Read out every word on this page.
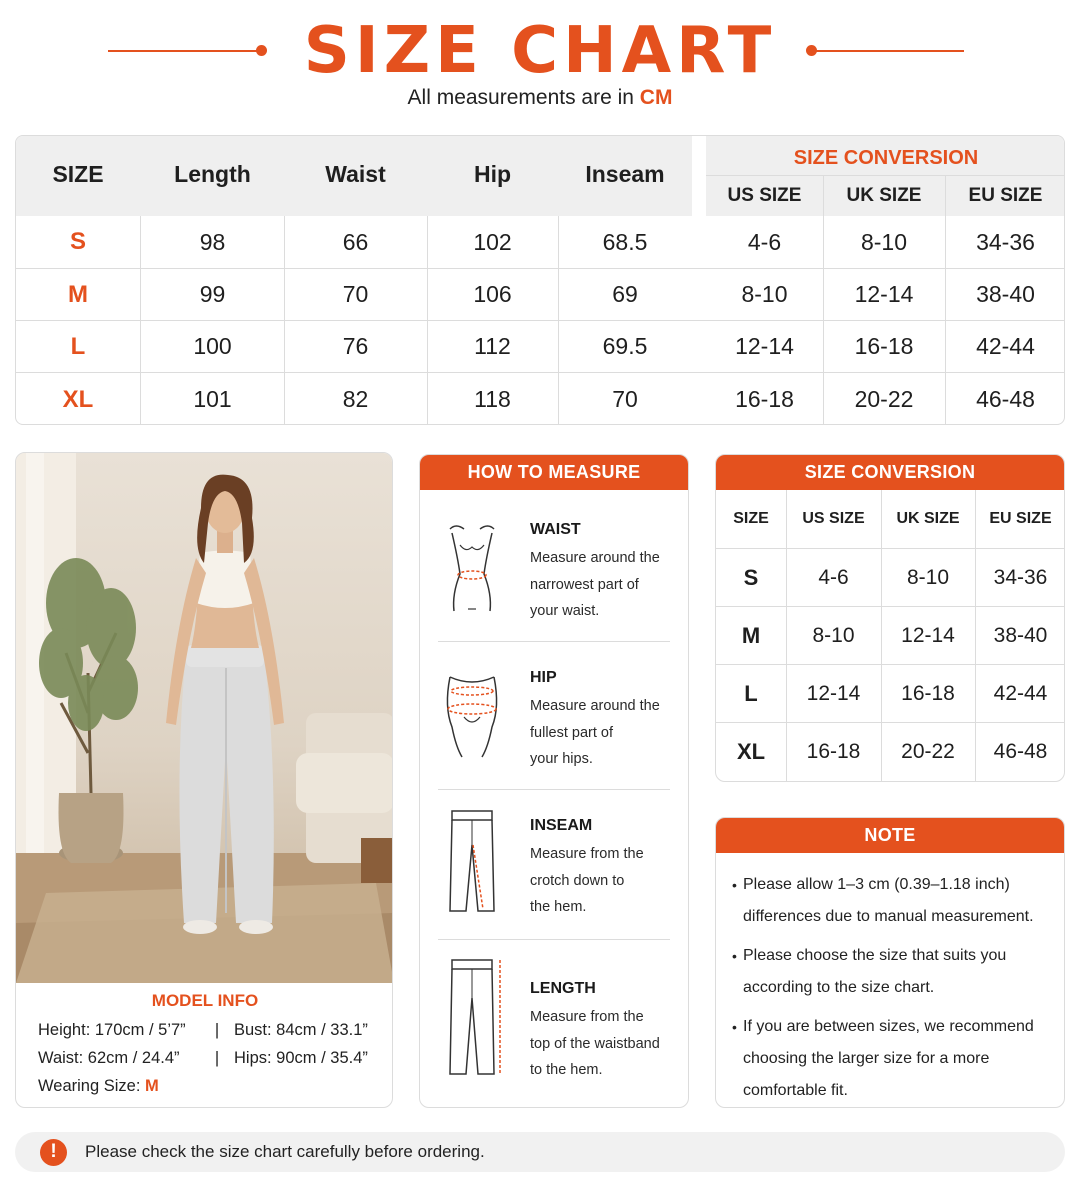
SIZE CHART
All measurements are in CM
SIZE	Length	Waist	Hip	Inseam
SIZE CONVERSION
US SIZE	UK SIZE	EU SIZE
S	98	66	102	68.5	4-6	8-10	34-36
M	99	70	106	69	8-10	12-14	38-40
L	100	76	112	69.5	12-14	16-18	42-44
XL	101	82	118	70	16-18	20-22	46-48
MODEL INFO
Height: 170cm / 5’7”	| Bust: 84cm / 33.1”
Waist: 62cm / 24.4”	| Hips: 90cm / 35.4”
Wearing Size: M
HOW TO MEASURE
WAIST
Measure around the
narrowest part of
your waist.
HIP
Measure around the
fullest part of
your hips.
INSEAM
Measure from the
crotch down to
the hem.
LENGTH
Measure from the
top of the waistband
to the hem.
SIZE CONVERSION
SIZE	US SIZE	UK SIZE	EU SIZE
S	4-6	8-10	34-36
M	8-10	12-14	38-40
L	12-14	16-18	42-44
XL	16-18	20-22	46-48
NOTE
• Please allow 1–3 cm (0.39–1.18 inch)
differences due to manual measurement.
• Please choose the size that suits you
according to the size chart.
• If you are between sizes, we recommend
choosing the larger size for a more
comfortable fit.
!	Please check the size chart carefully before ordering.
